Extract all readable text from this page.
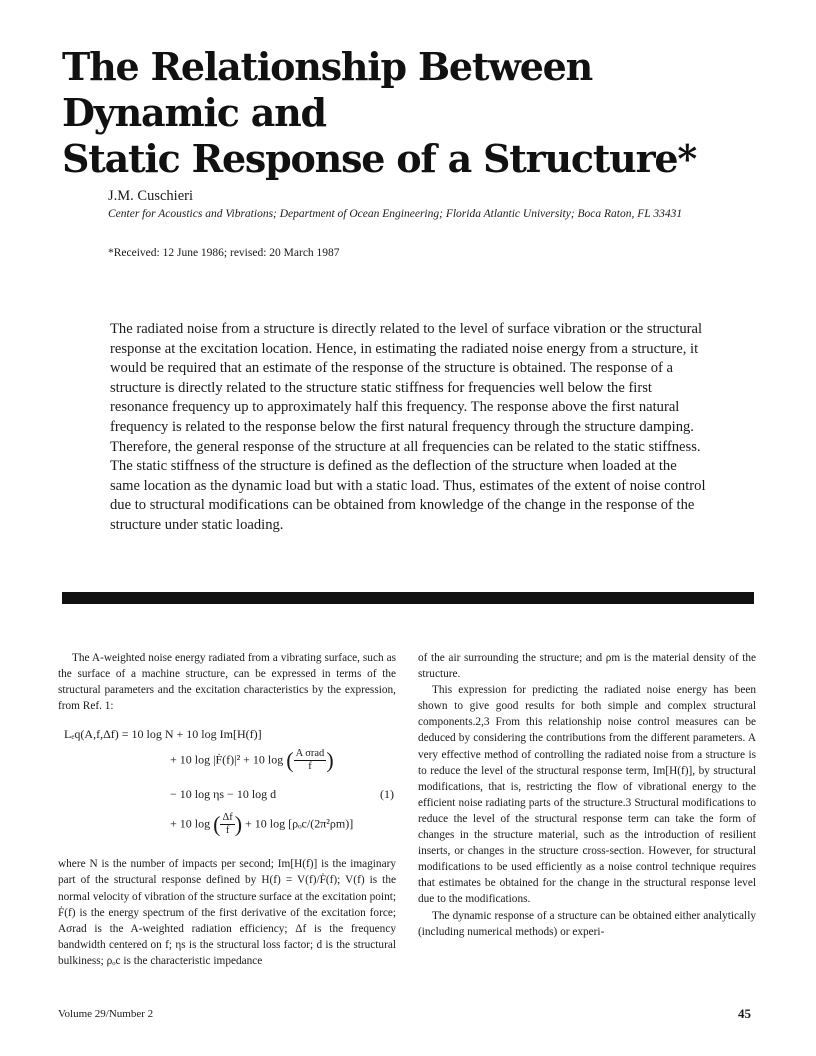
The Relationship Between Dynamic and
Static Response of a Structure*

J.M. Cuschieri

Center for Acoustics and Vibrations; Department of Ocean Engineering; Florida Atlantic University; Boca Raton, FL 33431

*Received: 12 June 1986; revised: 20 March 1987

The radiated noise from a structure is directly related to the level of surface vibration or the structural response at the excitation location. Hence, in estimating the radiated noise energy from a structure, it would be required that an estimate of the response of the structure is obtained. The response of a structure is directly related to the structure static stiffness for frequencies well below the first resonance frequency up to approximately half this frequency. The response above the first natural frequency is related to the response below the first natural frequency through the structure damping. Therefore, the general response of the structure at all frequencies can be related to the static stiffness. The static stiffness of the structure is defined as the deflection of the structure when loaded at the same location as the dynamic load but with a static load. Thus, estimates of the extent of noise control due to structural modifications can be obtained from knowledge of the change in the response of the structure under static loading.

The A-weighted noise energy radiated from a vibrating surface, such as the surface of a machine structure, can be expressed in terms of the structural parameters and the excitation characteristics by the expression, from Ref. 1:

Lₑq(A,f,Δf) = 10 log N + 10 log Im[H(f)]
+ 10 log |Ḟ(f)|² + 10 log ( $\frac{\text{A σrad}}{f}$ )
− 10 log ηs − 10 log d	(1)
+ 10 log ( $\frac{\Delta f}{f}$ ) + 10 log [ρₒc/(2π²ρm)]

where N is the number of impacts per second; Im[H(f)] is the imaginary part of the structural response defined by H(f) = V(f)/Ḟ(f); V(f) is the normal velocity of vibration of the structure surface at the excitation point; Ḟ(f) is the energy spectrum of the first derivative of the excitation force; Aσrad is the A-weighted radiation efficiency; Δf is the frequency bandwidth centered on f; ηs is the structural loss factor; d is the structural bulkiness; ρₒc is the characteristic impedance

of the air surrounding the structure; and ρm is the material density of the structure.

This expression for predicting the radiated noise energy has been shown to give good results for both simple and complex structural components.2,3 From this relationship noise control measures can be deduced by considering the contributions from the different parameters. A very effective method of controlling the radiated noise from a structure is to reduce the level of the structural response term, Im[H(f)], by structural modifications, that is, restricting the flow of vibrational energy to the efficient noise radiating parts of the structure.3 Structural modifications to reduce the level of the structural response term can take the form of changes in the structure material, such as the introduction of resilient inserts, or changes in the structure cross-section. However, for structural modifications to be used efficiently as a noise control technique requires that estimates be obtained for the change in the structural response level due to the modifications.

The dynamic response of a structure can be obtained either analytically (including numerical methods) or experi-

Volume 29/Number 2	45
